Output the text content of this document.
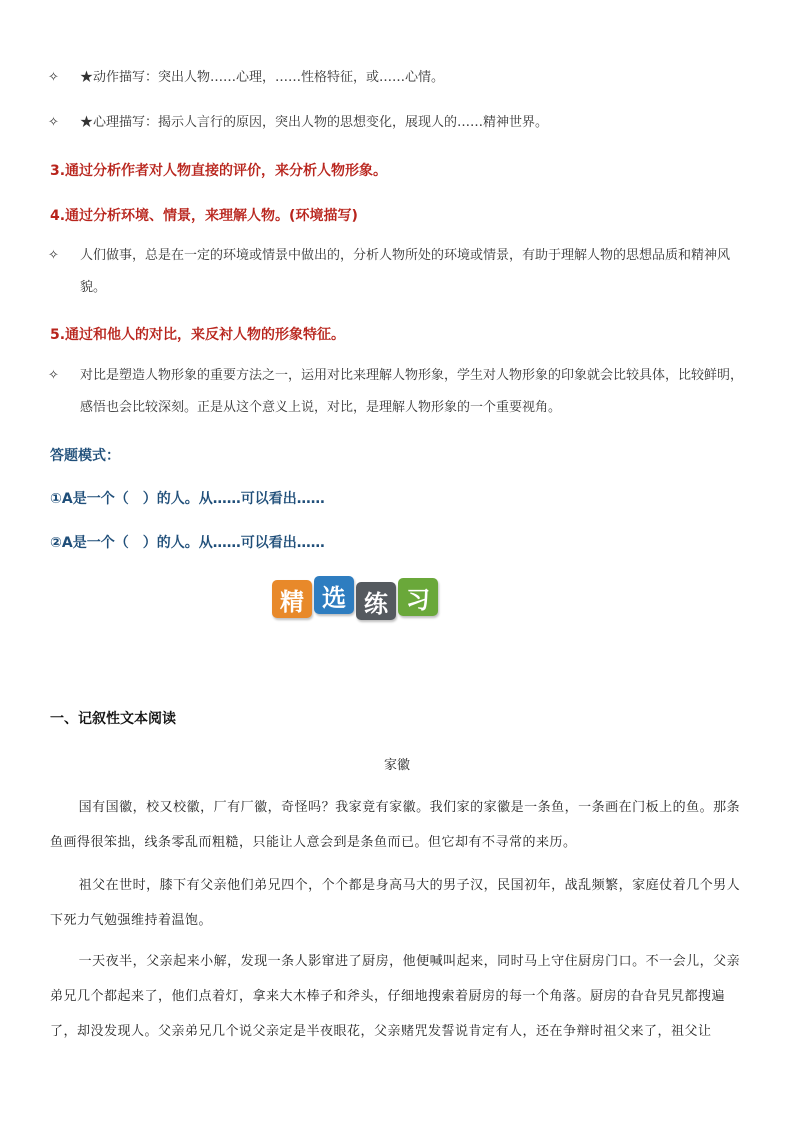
✧ ★动作描写：突出人物……心理，……性格特征，或……心情。
✧ ★心理描写：揭示人言行的原因，突出人物的思想变化，展现人的……精神世界。
3.通过分析作者对人物直接的评价，来分析人物形象。
4.通过分析环境、情景，来理解人物。(环境描写)
✧ 人们做事，总是在一定的环境或情景中做出的，分析人物所处的环境或情景，有助于理解人物的思想品质和精神风貌。
5.通过和他人的对比，来反衬人物的形象特征。
✧ 对比是塑造人物形象的重要方法之一，运用对比来理解人物形象，学生对人物形象的印象就会比较具体，比较鲜明，感悟也会比较深刻。正是从这个意义上说，对比，是理解人物形象的一个重要视角。
答题模式：
①A是一个（　）的人。从……可以看出……
②A是一个（　）的人。从……可以看出……
精 选 练 习
一、记叙性文本阅读
家徽
国有国徽，校又校徽，厂有厂徽，奇怪吗？我家竟有家徽。我们家的家徽是一条鱼，一条画在门板上的鱼。那条鱼画得很笨拙，线条零乱而粗糙，只能让人意会到是条鱼而已。但它却有不寻常的来历。
祖父在世时，膝下有父亲他们弟兄四个，个个都是身高马大的男子汉，民国初年，战乱频繁，家庭仗着几个男人下死力气勉强维持着温饱。
一天夜半，父亲起来小解，发现一条人影窜进了厨房，他便喊叫起来，同时马上守住厨房门口。不一会儿，父亲弟兄几个都起来了，他们点着灯，拿来大木棒子和斧头，仔细地搜索着厨房的每一个角落。厨房的旮旮旯旯都搜遍了，却没发现人。父亲弟兄几个说父亲定是半夜眼花，父亲赌咒发誓说肯定有人，还在争辩时祖父来了，祖父让
